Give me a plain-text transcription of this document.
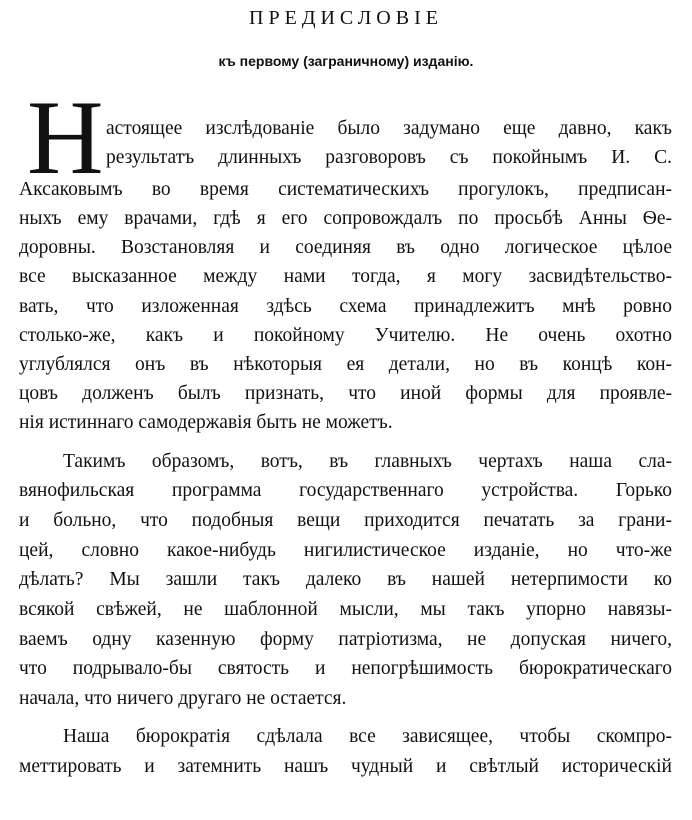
ПРЕДИСЛОВІЕ
къ первому (заграничному) изданію.
Н астоящее изслѣдованіе было задумано еще давно, какъ
результатъ длинныхъ разговоровъ съ покойнымъ И. С.
Аксаковымъ во время систематическихъ прогулокъ, предписан-
ныхъ ему врачами, гдѣ я его сопровождалъ по просьбѣ Анны Ѳе-
доровны. Возстановляя и соединяя въ одно логическое цѣлое
все высказанное между нами тогда, я могу засвидѣтельство-
вать, что изложенная здѣсь схема принадлежитъ мнѣ ровно
столько-же, какъ и покойному Учителю. Не очень охотно
углублялся онъ въ нѣкоторыя ея детали, но въ концѣ кон-
цовъ долженъ былъ признать, что иной формы для проявле-
нія истиннаго самодержавія быть не можетъ.
Такимъ образомъ, вотъ, въ главныхъ чертахъ наша сла-
вянофильская программа государственнаго устройства. Горько
и больно, что подобныя вещи приходится печатать за грани-
цей, словно какое-нибудь нигилистическое изданіе, но что-же
дѣлать? Мы зашли такъ далеко въ нашей нетерпимости ко
всякой свѣжей, не шаблонной мысли, мы такъ упорно навязы-
ваемъ одну казенную форму патріотизма, не допуская ничего,
что подрывало-бы святость и непогрѣшимость бюрократическаго
начала, что ничего другаго не остается.
Наша бюрократія сдѣлала все зависящее, чтобы скомпро-
меттировать и затемнить нашъ чудный и свѣтлый историческій
